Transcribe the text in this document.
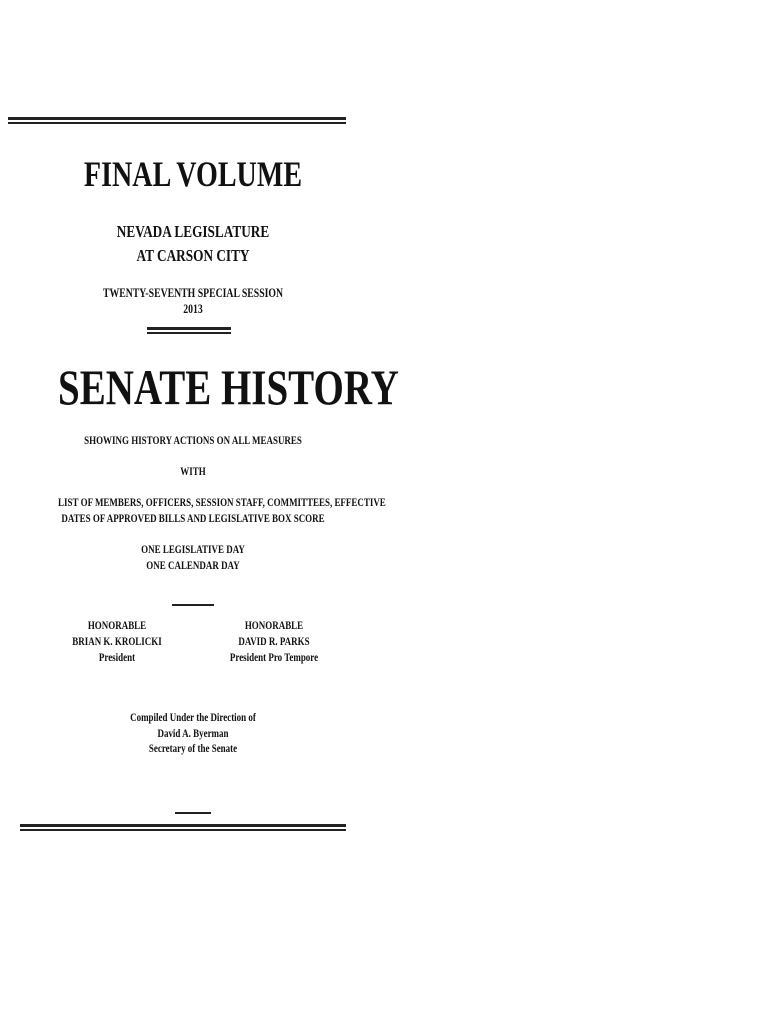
FINAL VOLUME
NEVADA LEGISLATURE
AT CARSON CITY
TWENTY-SEVENTH SPECIAL SESSION
2013
SENATE HISTORY
SHOWING HISTORY ACTIONS ON ALL MEASURES
WITH
LIST OF MEMBERS, OFFICERS, SESSION STAFF, COMMITTEES, EFFECTIVE
DATES OF APPROVED BILLS AND LEGISLATIVE BOX SCORE
ONE LEGISLATIVE DAY
ONE CALENDAR DAY
HONORABLE
BRIAN K. KROLICKI
President
HONORABLE
DAVID R. PARKS
President Pro Tempore
Compiled Under the Direction of
David A. Byerman
Secretary of the Senate
